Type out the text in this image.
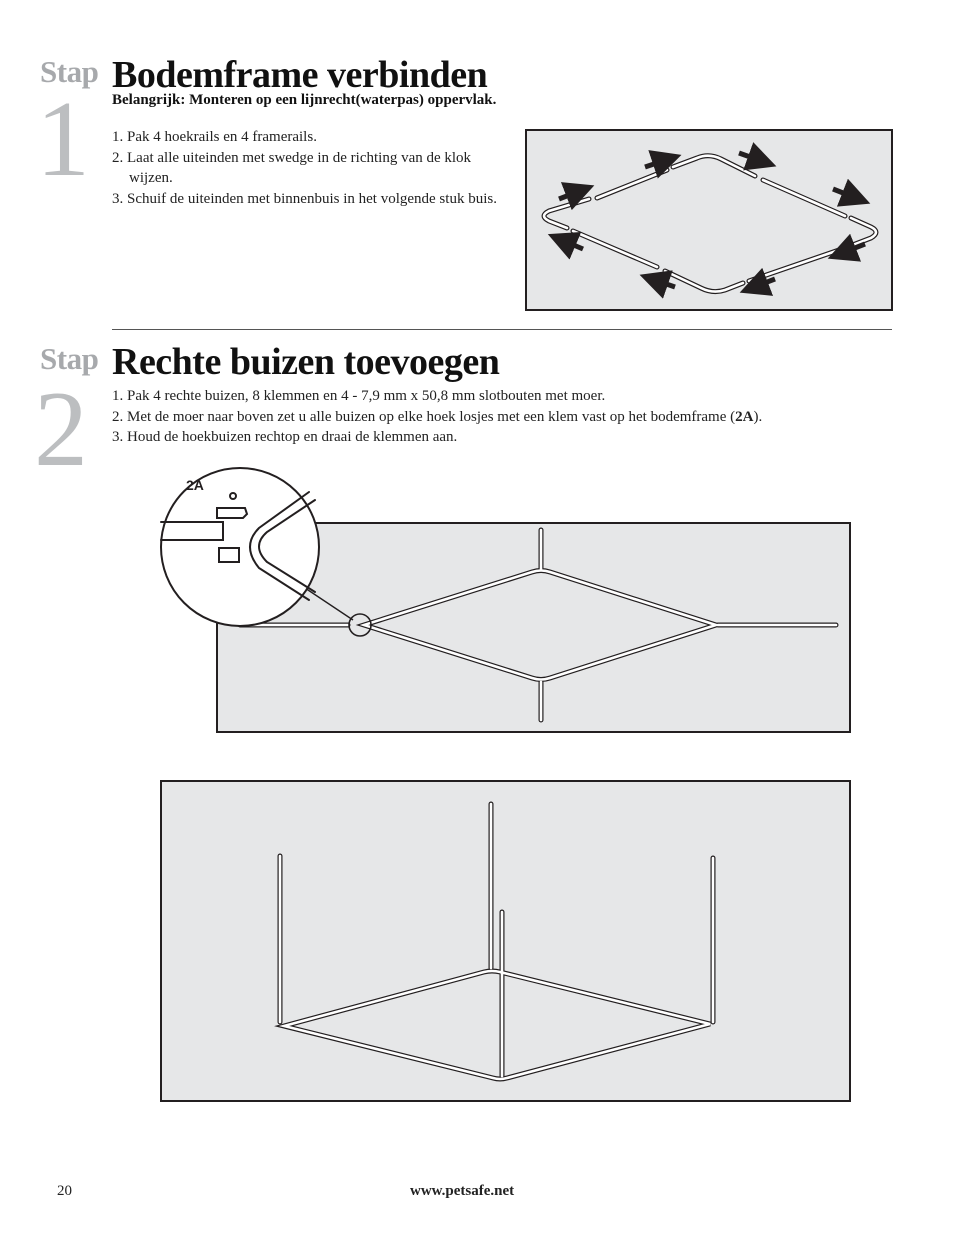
Stap
1
Bodemframe verbinden
Belangrijk: Monteren op een lijnrecht(waterpas) oppervlak.
1. Pak 4 hoekrails en 4 framerails.
2. Laat alle uiteinden met swedge in de richting van de klok wijzen.
3. Schuif de uiteinden met binnenbuis in het volgende stuk buis.
Stap
2
Rechte buizen toevoegen
1. Pak 4 rechte buizen, 8 klemmen en 4 - 7,9 mm x 50,8 mm slotbouten met moer.
2. Met de moer naar boven zet u alle buizen op elke hoek losjes met een klem vast op het bodemframe (2A).
3. Houd de hoekbuizen rechtop en draai de klemmen aan.
2A
20	www.petsafe.net
